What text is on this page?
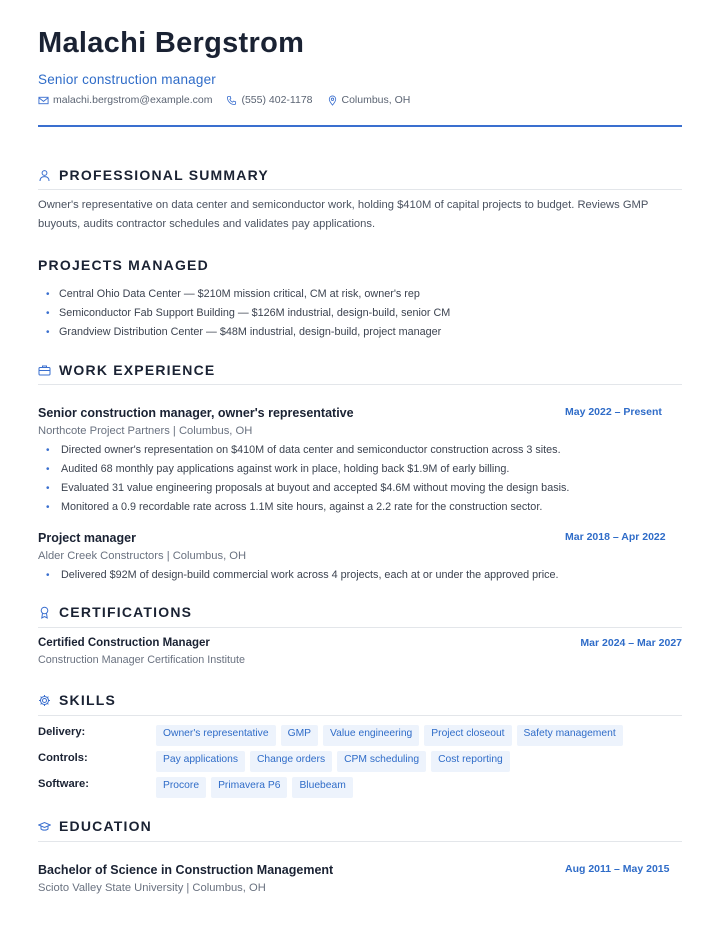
Malachi Bergstrom
Senior construction manager
malachi.bergstrom@example.com	(555) 402-1178	Columbus, OH
PROFESSIONAL SUMMARY
Owner's representative on data center and semiconductor work, holding $410M of capital projects to budget. Reviews GMP buyouts, audits contractor schedules and validates pay applications.
PROJECTS MANAGED
• Central Ohio Data Center — $210M mission critical, CM at risk, owner's rep
• Semiconductor Fab Support Building — $126M industrial, design-build, senior CM
• Grandview Distribution Center — $48M industrial, design-build, project manager
WORK EXPERIENCE
Senior construction manager, owner's representative	May 2022 – Present
Northcote Project Partners | Columbus, OH
• Directed owner's representation on $410M of data center and semiconductor construction across 3 sites.
• Audited 68 monthly pay applications against work in place, holding back $1.9M of early billing.
• Evaluated 31 value engineering proposals at buyout and accepted $4.6M without moving the design basis.
• Monitored a 0.9 recordable rate across 1.1M site hours, against a 2.2 rate for the construction sector.
Project manager	Mar 2018 – Apr 2022
Alder Creek Constructors | Columbus, OH
• Delivered $92M of design-build commercial work across 4 projects, each at or under the approved price.
CERTIFICATIONS
Certified Construction Manager	Mar 2024 – Mar 2027
Construction Manager Certification Institute
SKILLS
Delivery:	Owner's representative	GMP	Value engineering	Project closeout	Safety management
Controls:	Pay applications	Change orders	CPM scheduling	Cost reporting
Software:	Procore	Primavera P6	Bluebeam
EDUCATION
Bachelor of Science in Construction Management	Aug 2011 – May 2015
Scioto Valley State University | Columbus, OH
